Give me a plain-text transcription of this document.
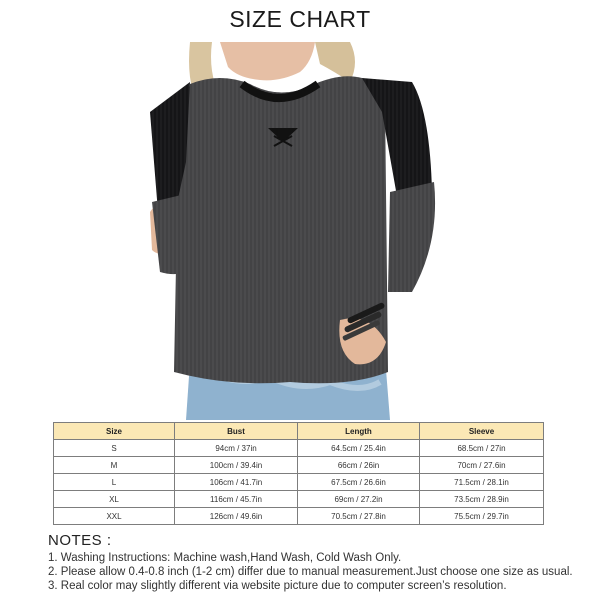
SIZE CHART
Size	Bust	Length	Sleeve
S	94cm / 37in	64.5cm / 25.4in	68.5cm / 27in
M	100cm / 39.4in	66cm / 26in	70cm / 27.6in
L	106cm / 41.7in	67.5cm / 26.6in	71.5cm / 28.1in
XL	116cm / 45.7in	69cm / 27.2in	73.5cm / 28.9in
XXL	126cm / 49.6in	70.5cm / 27.8in	75.5cm / 29.7in
NOTES :
1. Washing Instructions: Machine wash,Hand Wash, Cold Wash Only.
2. Please allow 0.4-0.8 inch (1-2 cm) differ due to manual measurement.Just choose one size as usual.
3. Real color may slightly different via website picture due to computer screen’s resolution.
